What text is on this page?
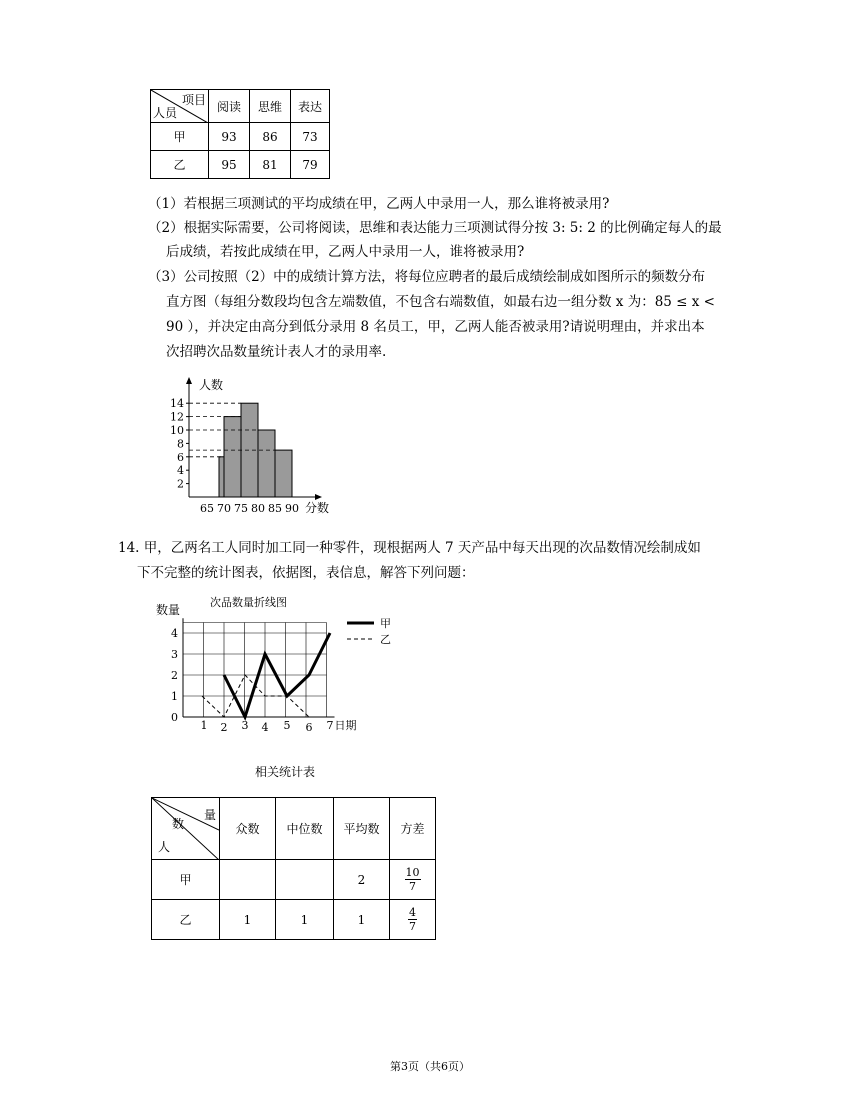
项目
人员	阅读	思维	表达
甲	93	86	73
乙	95	81	79
（1）若根据三项测试的平均成绩在甲，乙两人中录用一人，那么谁将被录用?
（2）根据实际需要，公司将阅读，思维和表达能力三项测试得分按 3: 5: 2 的比例确定每人的最
后成绩，若按此成绩在甲，乙两人中录用一人，谁将被录用?
（3）公司按照（2）中的成绩计算方法，将每位应聘者的最后成绩绘制成如图所示的频数分布
直方图（每组分数段均包含左端数值，不包含右端数值，如最右边一组分数 x 为：85 ≤ x <
90 ），并决定由高分到低分录用 8 名员工，甲，乙两人能否被录用?请说明理由，并求出本
次招聘次品数量统计表人才的录用率.
2
4
6
8
10
12
14
65 70 75 80 85 90
人数
分数
14. 甲，乙两名工人同时加工同一种零件，现根据两人 7 天产品中每天出现的次品数情况绘制成如
下不完整的统计图表，依据图，表信息，解答下列问题：
次品数量折线图
数量
0
1
2
3
4
1 2 3 4 5 6 7 日期
甲
乙
相关统计表
量
数
人	众数	中位数	平均数	方差
甲			2	$\frac{10}{7}$

乙	1	1	1	$\frac{4}{7}$
第3页（共6页）
